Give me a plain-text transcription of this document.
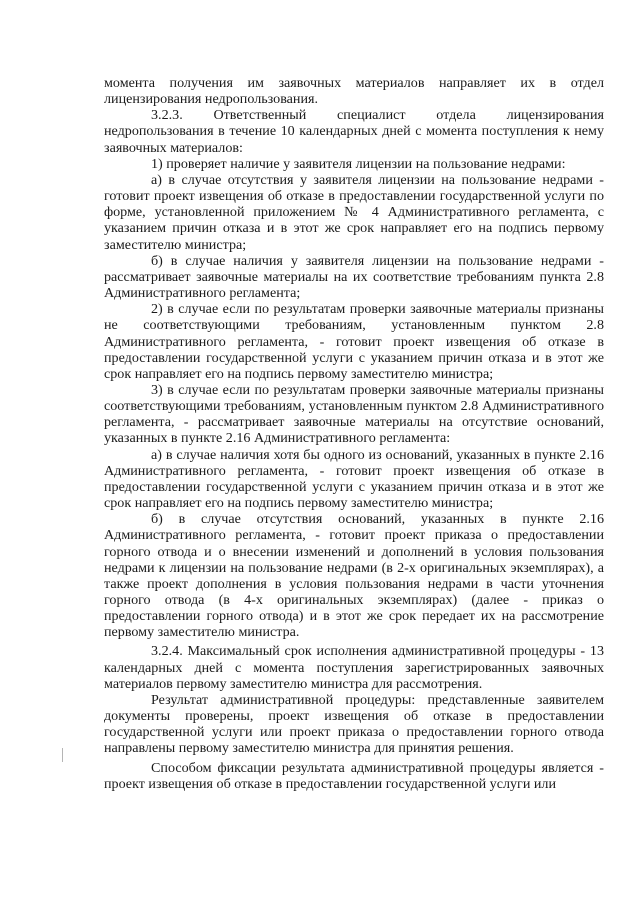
момента получения им заявочных материалов направляет их в отдел лицензирования недропользования.

3.2.3. Ответственный специалист отдела лицензирования недропользования в течение 10 календарных дней с момента поступления к нему заявочных материалов:

1) проверяет наличие у заявителя лицензии на пользование недрами:

а) в случае отсутствия у заявителя лицензии на пользование недрами - готовит проект извещения об отказе в предоставлении государственной услуги по форме, установленной приложением № 4 Административного регламента, с указанием причин отказа и в этот же срок направляет его на подпись первому заместителю министра;

б) в случае наличия у заявителя лицензии на пользование недрами - рассматривает заявочные материалы на их соответствие требованиям пункта 2.8 Административного регламента;

2) в случае если по результатам проверки заявочные материалы признаны не соответствующими требованиям, установленным пунктом 2.8 Административного регламента, - готовит проект извещения об отказе в предоставлении государственной услуги с указанием причин отказа и в этот же срок направляет его на подпись первому заместителю министра;

3) в случае если по результатам проверки заявочные материалы признаны соответствующими требованиям, установленным пунктом 2.8 Административного регламента, - рассматривает заявочные материалы на отсутствие оснований, указанных в пункте 2.16 Административного регламента:

а) в случае наличия хотя бы одного из оснований, указанных в пункте 2.16 Административного регламента, - готовит проект извещения об отказе в предоставлении государственной услуги с указанием причин отказа и в этот же срок направляет его на подпись первому заместителю министра;

б) в случае отсутствия оснований, указанных в пункте 2.16 Административного регламента, - готовит проект приказа о предоставлении горного отвода и о внесении изменений и дополнений в условия пользования недрами к лицензии на пользование недрами (в 2-х оригинальных экземплярах), а также проект дополнения в условия пользования недрами в части уточнения горного отвода (в 4-х оригинальных экземплярах) (далее - приказ о предоставлении горного отвода) и в этот же срок передает их на рассмотрение первому заместителю министра.

3.2.4. Максимальный срок исполнения административной процедуры - 13 календарных дней с момента поступления зарегистрированных заявочных материалов первому заместителю министра для рассмотрения.

Результат административной процедуры: представленные заявителем документы проверены, проект извещения об отказе в предоставлении государственной услуги или проект приказа о предоставлении горного отвода направлены первому заместителю министра для принятия решения.

Способом фиксации результата административной процедуры является - проект извещения об отказе в предоставлении государственной услуги или
